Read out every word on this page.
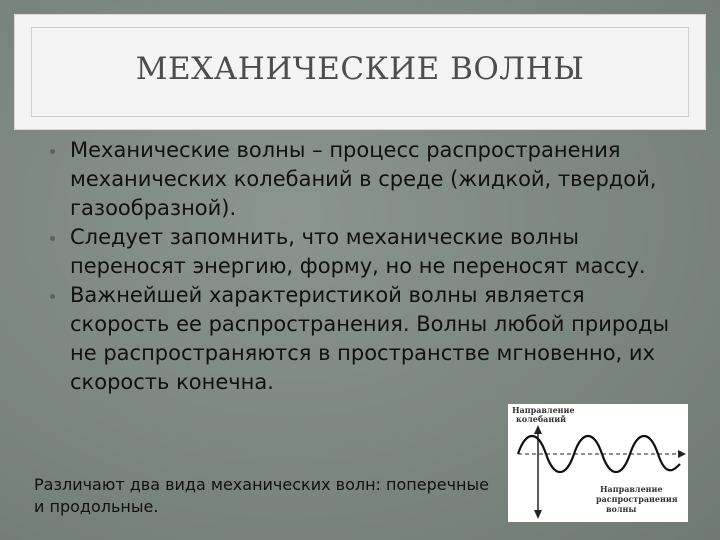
МЕХАНИЧЕСКИЕ ВОЛНЫ
Механические волны – процесс распространения механических колебаний в среде (жидкой, твердой, газообразной).
Следует запомнить, что механические волны переносят энергию, форму, но не переносят массу.
Важнейшей характеристикой волны является скорость ее распространения. Волны любой природы не распространяются в пространстве мгновенно, их скорость конечна.
Различают два вида механических волн: поперечные и продольные.
Направление
колебаний
Направление
распространения
волны
